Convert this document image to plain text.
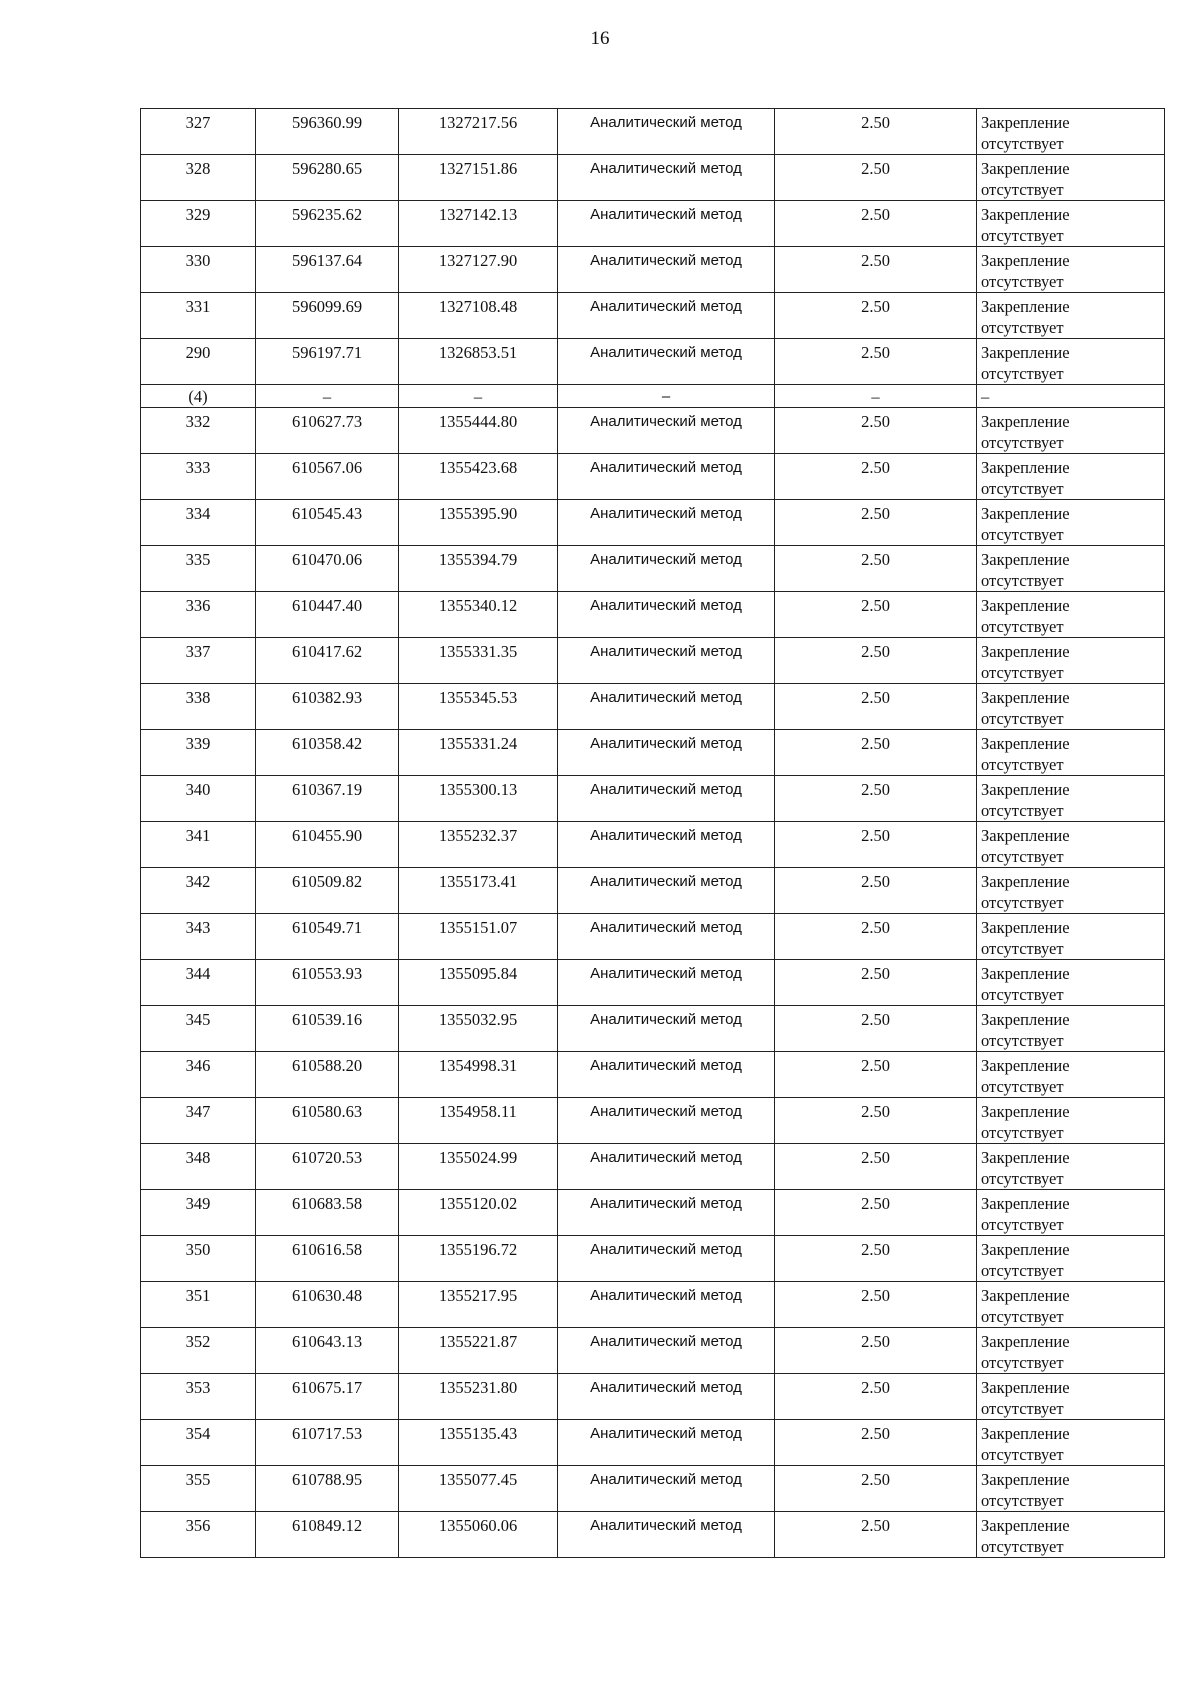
16
327	596360.99	1327217.56	Аналитический метод	2.50	Закрепление
отсутствует

328	596280.65	1327151.86	Аналитический метод	2.50	Закрепление
отсутствует

329	596235.62	1327142.13	Аналитический метод	2.50	Закрепление
отсутствует

330	596137.64	1327127.90	Аналитический метод	2.50	Закрепление
отсутствует

331	596099.69	1327108.48	Аналитический метод	2.50	Закрепление
отсутствует

290	596197.71	1326853.51	Аналитический метод	2.50	Закрепление
отсутствует

(4)	–	–	–	–	–

332	610627.73	1355444.80	Аналитический метод	2.50	Закрепление
отсутствует

333	610567.06	1355423.68	Аналитический метод	2.50	Закрепление
отсутствует

334	610545.43	1355395.90	Аналитический метод	2.50	Закрепление
отсутствует

335	610470.06	1355394.79	Аналитический метод	2.50	Закрепление
отсутствует

336	610447.40	1355340.12	Аналитический метод	2.50	Закрепление
отсутствует

337	610417.62	1355331.35	Аналитический метод	2.50	Закрепление
отсутствует

338	610382.93	1355345.53	Аналитический метод	2.50	Закрепление
отсутствует

339	610358.42	1355331.24	Аналитический метод	2.50	Закрепление
отсутствует

340	610367.19	1355300.13	Аналитический метод	2.50	Закрепление
отсутствует

341	610455.90	1355232.37	Аналитический метод	2.50	Закрепление
отсутствует

342	610509.82	1355173.41	Аналитический метод	2.50	Закрепление
отсутствует

343	610549.71	1355151.07	Аналитический метод	2.50	Закрепление
отсутствует

344	610553.93	1355095.84	Аналитический метод	2.50	Закрепление
отсутствует

345	610539.16	1355032.95	Аналитический метод	2.50	Закрепление
отсутствует

346	610588.20	1354998.31	Аналитический метод	2.50	Закрепление
отсутствует

347	610580.63	1354958.11	Аналитический метод	2.50	Закрепление
отсутствует

348	610720.53	1355024.99	Аналитический метод	2.50	Закрепление
отсутствует

349	610683.58	1355120.02	Аналитический метод	2.50	Закрепление
отсутствует

350	610616.58	1355196.72	Аналитический метод	2.50	Закрепление
отсутствует

351	610630.48	1355217.95	Аналитический метод	2.50	Закрепление
отсутствует

352	610643.13	1355221.87	Аналитический метод	2.50	Закрепление
отсутствует

353	610675.17	1355231.80	Аналитический метод	2.50	Закрепление
отсутствует

354	610717.53	1355135.43	Аналитический метод	2.50	Закрепление
отсутствует

355	610788.95	1355077.45	Аналитический метод	2.50	Закрепление
отсутствует

356	610849.12	1355060.06	Аналитический метод	2.50	Закрепление
отсутствует
